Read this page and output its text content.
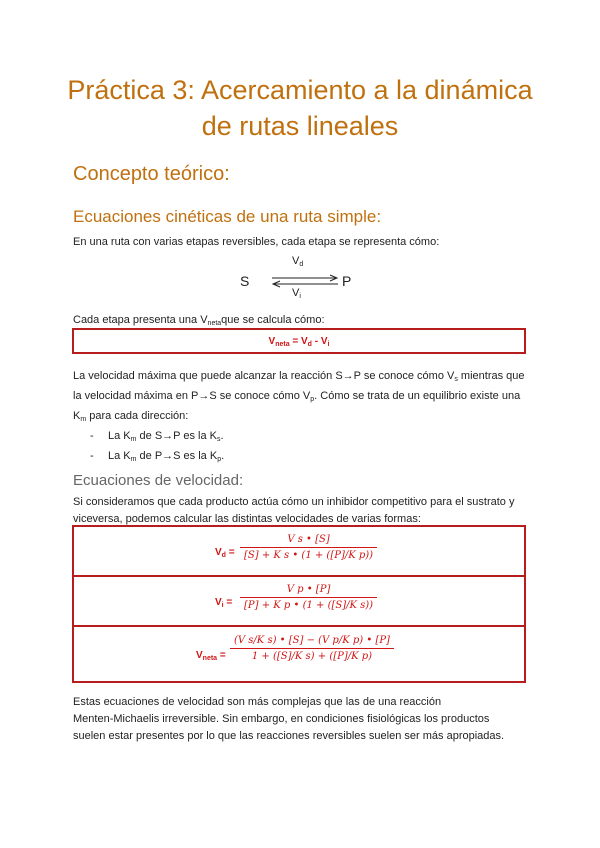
Práctica 3: Acercamiento a la dinámica
de rutas lineales
Concepto teórico:
Ecuaciones cinéticas de una ruta simple:
En una ruta con varias etapas reversibles, cada etapa se representa cómo:
S	P
$V_d$
$V_i$
Cada etapa presenta una $V_{neta}que$ se calcula cómo:
$V_{neta} = V_d - V_i$
La velocidad máxima que puede alcanzar la reacción S→P se conoce cómo $V_s$ mientras que
la velocidad máxima en P→S se conoce cómo $V_p$. Cómo se trata de un equilibrio existe una
$K_m$ para cada dirección:
- La $K_m$ de S→P es la $K_s$.
- La $K_m$ de P→S es la $K_p$.
Ecuaciones de velocidad:
Si consideramos que cada producto actúa cómo un inhibidor competitivo para el sustrato y
viceversa, podemos calcular las distintas velocidades de varias formas:
$V_d$ =
V s • [S]
[S] + K s • (1 + ([P]/K p))
$V_i$ =
V p • [P]
[P] + K p • (1 + ([S]/K s))
$V_{neta}$ =
(V s/K s) • [S] − (V p/K p) • [P]
1 + ([S]/K s) + ([P]/K p)
Estas ecuaciones de velocidad son más complejas que las de una reacción
Menten-Michaelis irreversible. Sin embargo, en condiciones fisiológicas los productos
suelen estar presentes por lo que las reacciones reversibles suelen ser más apropiadas.
